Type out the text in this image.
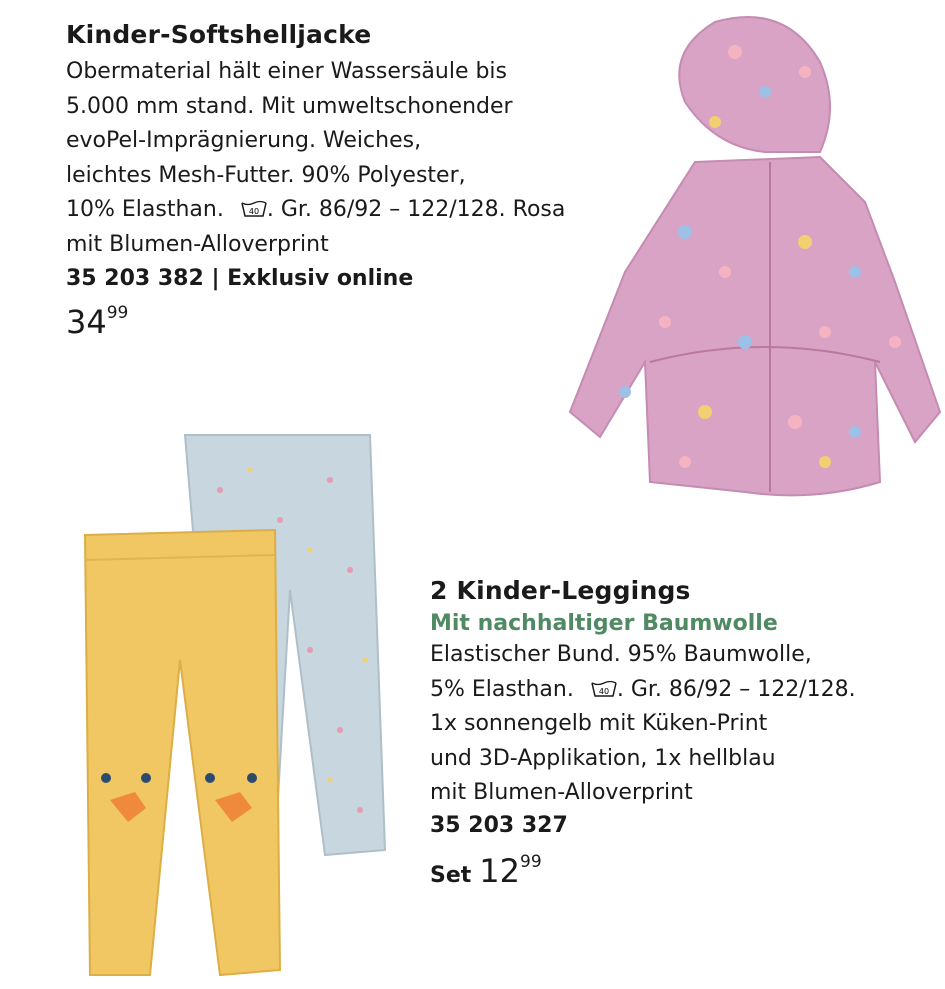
Kinder-Softshelljacke
Obermaterial hält einer Wassersäule bis
5.000 mm stand. Mit umweltschonender
evoPel-Imprägnierung. Weiches,
leichtes Mesh-Futter. 90% Polyester,
10% Elasthan.	40 . Gr. 86/92 – 122/128. Rosa
mit Blumen-Alloverprint
35 203 382 | Exklusiv online
$34^{99}$
2 Kinder-Leggings
Mit nachhaltiger Baumwolle
Elastischer Bund. 95% Baumwolle,
5% Elasthan.	40 . Gr. 86/92 – 122/128.
1x sonnengelb mit Küken-Print
und 3D-Applikation, 1x hellblau
mit Blumen-Alloverprint
35 203 327
Set $12^{99}$
